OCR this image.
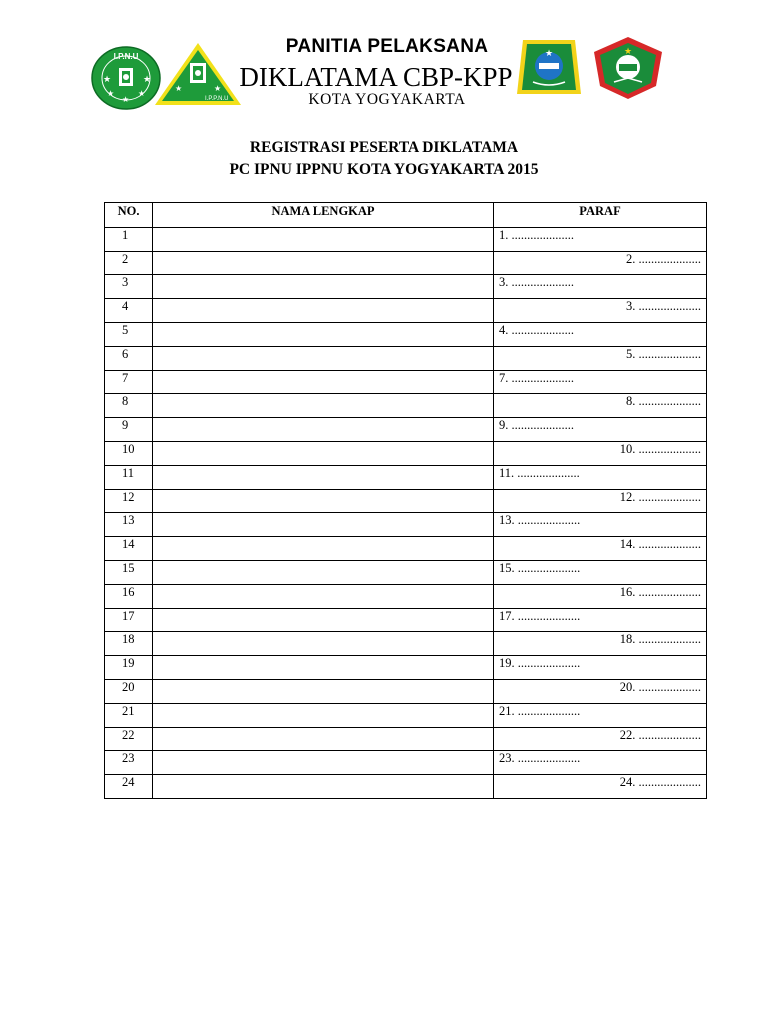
I.P.N.U
★	★
★	★
★
★	★
I.P.P.N.U
★	★
PANITIA PELAKSANA
DIKLATAMA CBP-KPP
KOTA YOGYAKARTA
REGISTRASI PESERTA DIKLATAMA
PC IPNU IPPNU KOTA YOGYAKARTA 2015
NO.	NAMA LENGKAP	PARAF
1		1. ....................
2		2. ....................
3		3. ....................
4		3. ....................
5		4. ....................
6		5. ....................
7		7. ....................
8		8. ....................
9		9. ....................
10		10. ....................
11		11. ....................
12		12. ....................
13		13. ....................
14		14. ....................
15		15. ....................
16		16. ....................
17		17. ....................
18		18. ....................
19		19. ....................
20		20. ....................
21		21. ....................
22		22. ....................
23		23. ....................
24		24. ....................
